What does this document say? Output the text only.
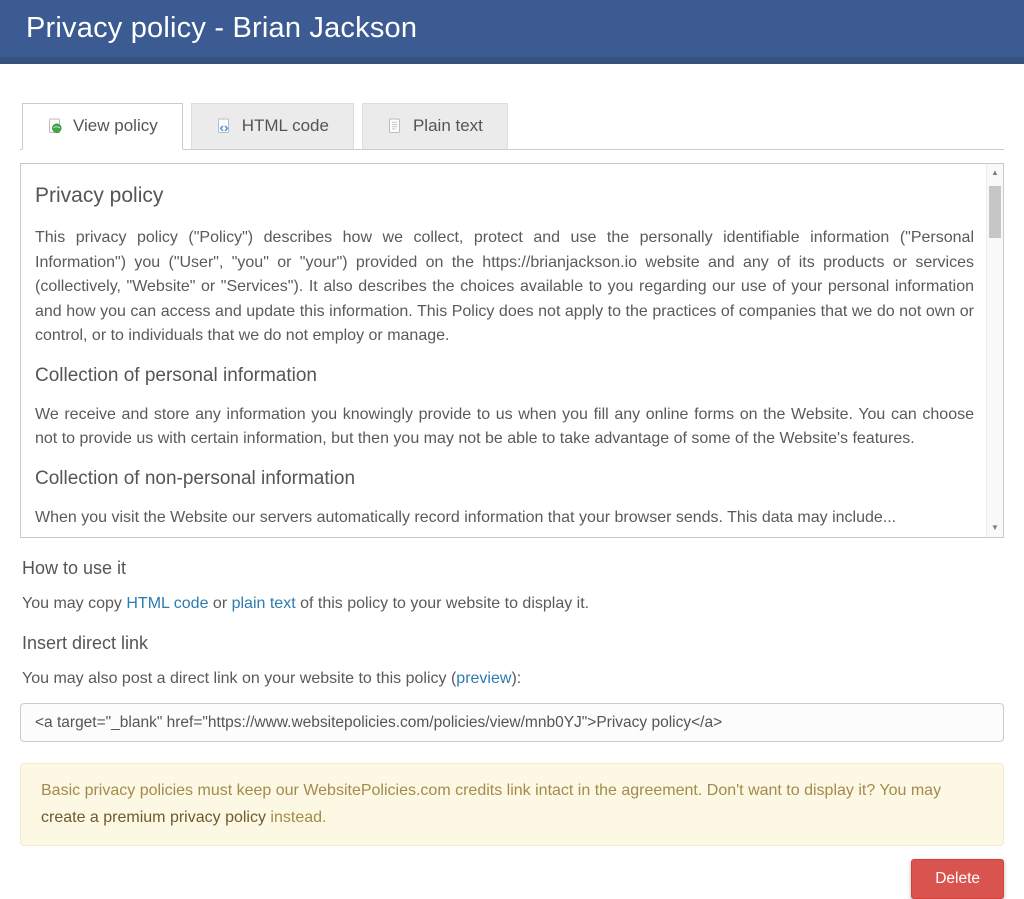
Privacy policy - Brian Jackson
View policy	HTML code	Plain text
Privacy policy

This privacy policy ("Policy") describes how we collect, protect and use the personally identifiable information ("Personal Information") you ("User", "you" or "your") provided on the https://brianjackson.io website and any of its products or services (collectively, "Website" or "Services"). It also describes the choices available to you regarding our use of your personal information and how you can access and update this information. This Policy does not apply to the practices of companies that we do not own or control, or to individuals that we do not employ or manage.

Collection of personal information

We receive and store any information you knowingly provide to us when you fill any online forms on the Website. You can choose not to provide us with certain information, but then you may not be able to take advantage of some of the Website's features.

Collection of non-personal information

When you visit the Website our servers automatically record information that your browser sends. This data may include...

▲
▼
How to use it
You may copy HTML code or plain text of this policy to your website to display it.
Insert direct link
You may also post a direct link on your website to this policy (preview):
<a target="_blank" href="https://www.websitepolicies.com/policies/view/mnb0YJ">Privacy policy</a>
Basic privacy policies must keep our WebsitePolicies.com credits link intact in the agreement. Don't want to display it? You may create a premium privacy policy instead.
Delete
